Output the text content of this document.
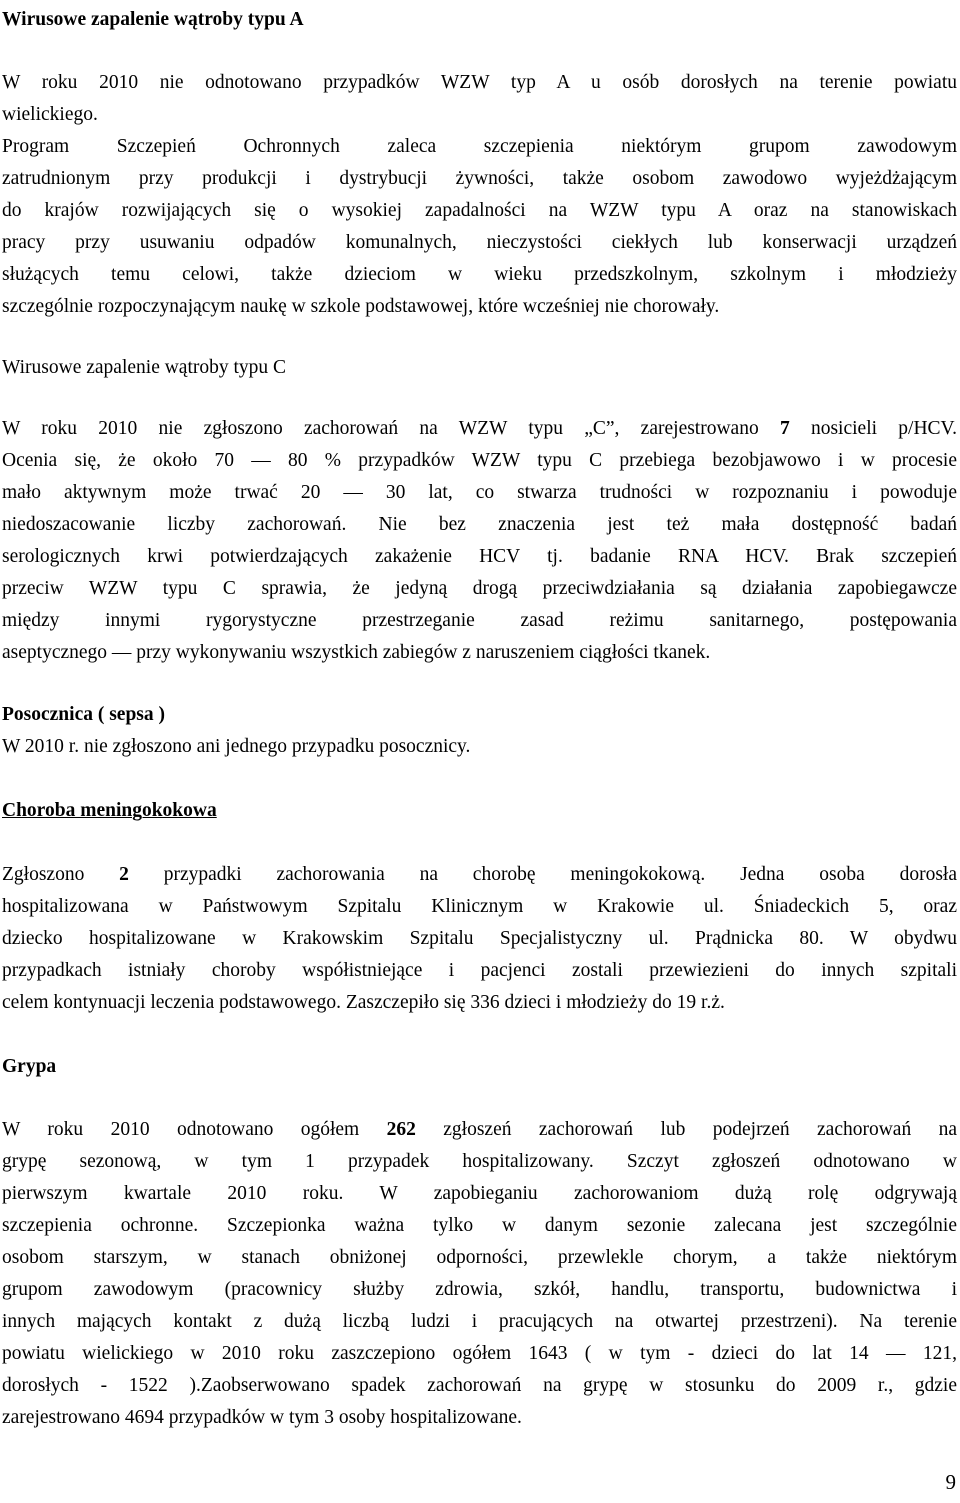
Wirusowe zapalenie wątroby typu A
W roku 2010 nie odnotowano przypadków WZW typ A u osób dorosłych na terenie powiatu
wielickiego.
Program Szczepień Ochronnych zaleca szczepienia niektórym grupom zawodowym
zatrudnionym przy produkcji i dystrybucji żywności, także osobom zawodowo wyjeżdżającym
do krajów rozwijających się o wysokiej zapadalności na WZW typu A oraz na stanowiskach
pracy przy usuwaniu odpadów komunalnych, nieczystości ciekłych lub konserwacji urządzeń
służących temu celowi, także dzieciom w wieku przedszkolnym, szkolnym i młodzieży
szczególnie rozpoczynającym naukę w szkole podstawowej, które wcześniej nie chorowały.
Wirusowe zapalenie wątroby typu C
W roku 2010 nie zgłoszono zachorowań na WZW typu „C”, zarejestrowano 7 nosicieli p/HCV.
Ocenia się, że około 70 — 80 % przypadków WZW typu C przebiega bezobjawowo i w procesie
mało aktywnym może trwać 20 — 30 lat, co stwarza trudności w rozpoznaniu i powoduje
niedoszacowanie liczby zachorowań. Nie bez znaczenia jest też mała dostępność badań
serologicznych krwi potwierdzających zakażenie HCV tj. badanie RNA HCV. Brak szczepień
przeciw WZW typu C sprawia, że jedyną drogą przeciwdziałania są działania zapobiegawcze
między innymi rygorystyczne przestrzeganie zasad reżimu sanitarnego, postępowania
aseptycznego — przy wykonywaniu wszystkich zabiegów z naruszeniem ciągłości tkanek.
Posocznica ( sepsa )
W 2010 r. nie zgłoszono ani jednego przypadku posocznicy.
Choroba meningokokowa
Zgłoszono 2 przypadki zachorowania na chorobę meningokokową. Jedna osoba dorosła
hospitalizowana w Państwowym Szpitalu Klinicznym w Krakowie ul. Śniadeckich 5, oraz
dziecko hospitalizowane w Krakowskim Szpitalu Specjalistyczny ul. Prądnicka 80. W obydwu
przypadkach istniały choroby współistniejące i pacjenci zostali przewiezieni do innych szpitali
celem kontynuacji leczenia podstawowego. Zaszczepiło się 336 dzieci i młodzieży do 19 r.ż.
Grypa
W roku 2010 odnotowano ogółem 262 zgłoszeń zachorowań lub podejrzeń zachorowań na
grypę sezonową, w tym 1 przypadek hospitalizowany. Szczyt zgłoszeń odnotowano w
pierwszym kwartale 2010 roku. W zapobieganiu zachorowaniom dużą rolę odgrywają
szczepienia ochronne. Szczepionka ważna tylko w danym sezonie zalecana jest szczególnie
osobom starszym, w stanach obniżonej odporności, przewlekle chorym, a także niektórym
grupom zawodowym (pracownicy służby zdrowia, szkół, handlu, transportu, budownictwa i
innych mających kontakt z dużą liczbą ludzi i pracujących na otwartej przestrzeni). Na terenie
powiatu wielickiego w 2010 roku zaszczepiono ogółem 1643 ( w tym - dzieci do lat 14 — 121,
dorosłych - 1522 ).Zaobserwowano spadek zachorowań na grypę w stosunku do 2009 r., gdzie
zarejestrowano 4694 przypadków w tym 3 osoby hospitalizowane.
9
